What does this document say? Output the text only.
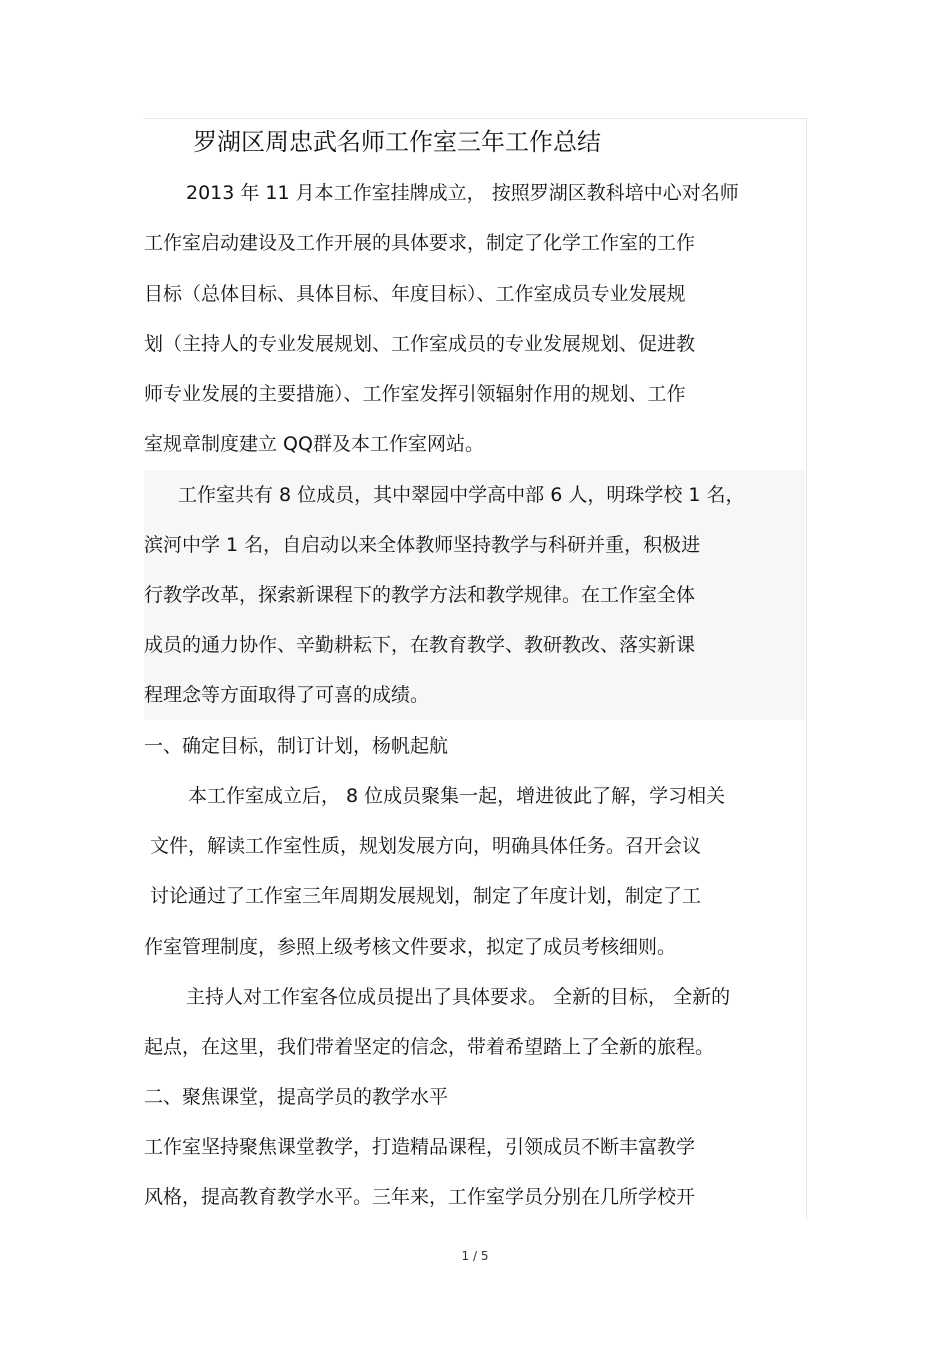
罗湖区周忠武名师工作室三年工作总结
2013 年 11 月本工作室挂牌成立， 按照罗湖区教科培中心对名师
工作室启动建设及工作开展的具体要求，制定了化学工作室的工作
目标（总体目标、具体目标、年度目标）、工作室成员专业发展规
划（主持人的专业发展规划、工作室成员的专业发展规划、促进教
师专业发展的主要措施）、工作室发挥引领辐射作用的规划、工作
室规章制度建立 QQ群及本工作室网站。
工作室共有 8 位成员，其中翠园中学高中部 6 人，明珠学校 1 名，
滨河中学 1 名，自启动以来全体教师坚持教学与科研并重，积极进
行教学改革，探索新课程下的教学方法和教学规律。在工作室全体
成员的通力协作、辛勤耕耘下，在教育教学、教研教改、落实新课
程理念等方面取得了可喜的成绩。
一、确定目标，制订计划，杨帆起航
本工作室成立后， 8 位成员聚集一起，增进彼此了解，学习相关
文件，解读工作室性质，规划发展方向，明确具体任务。召开会议
讨论通过了工作室三年周期发展规划，制定了年度计划，制定了工
作室管理制度，参照上级考核文件要求，拟定了成员考核细则。
主持人对工作室各位成员提出了具体要求。 全新的目标， 全新的
起点，在这里，我们带着坚定的信念，带着希望踏上了全新的旅程。
二、聚焦课堂，提高学员的教学水平
工作室坚持聚焦课堂教学，打造精品课程，引领成员不断丰富教学
风格，提高教育教学水平。三年来，工作室学员分别在几所学校开
1 / 5
